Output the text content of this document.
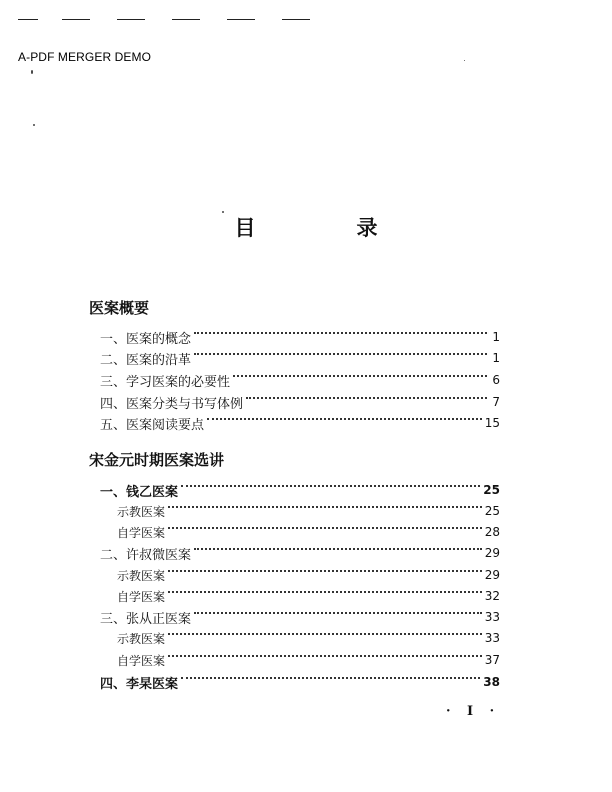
A-PDF MERGER DEMO
目　录
医案概要
一、医案的概念	1
二、医案的沿革	1
三、学习医案的必要性	6
四、医案分类与书写体例	7
五、医案阅读要点	15
宋金元时期医案选讲
一、钱乙医案	25
示教医案	25
自学医案	28
二、许叔微医案	29
示教医案	29
自学医案	32
三、张从正医案	33
示教医案	33
自学医案	37
四、李杲医案	38
· I ·
